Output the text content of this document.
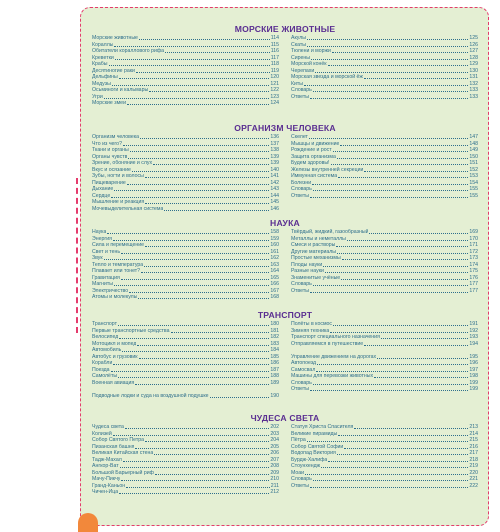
МОРСКИЕ ЖИВОТНЫЕ
Морские животные	114
Кораллы	115
Обитатели кораллового рифа	116
Креветки	117
Крабы	118
Десятиногие раки	119
Дельфины	120
Медузы	121
Осьминоги и кальмары	122
Угри	123
Морские змеи	124
Акулы	125
Скаты	126
Тюлени и моржи	127
Сирены	128
Морской конёк	129
Черепахи	130
Морская звезда и морской ёж	131
Киты	132
Словарь	133
Ответы	133
ОРГАНИЗМ ЧЕЛОВЕКА
Организм человека	136
Что из чего?	137
Ткани и органы	138
Органы чувств	139
Зрение, обоняние и слух	139
Вкус и осязание	140
Зубы, ногти и волосы	141
Пищеварение	142
Дыхание	143
Сердце	144
Мышление и реакция	145
Мочевыделительная система	146
Скелет	147
Мышцы и движение	148
Рождение и рост	149
Защита организма	150
Будем здоровы!	151
Железы внутренней секреции	152
Иммунная система	153
Болезни	154
Словарь	155
Ответы	155
НАУКА
Наука	158
Энергия	159
Сила и перемещение	160
Свет и тень	161
Звук	162
Тепло и температура	163
Плавает или тонет?	164
Гравитация	165
Магниты	166
Электричество	167
Атомы и молекулы	168
Твёрдый, жидкий, газообразный	169
Металлы и неметаллы	170
Смеси и растворы	171
Другие материалы	172
Простые механизмы	173
Плоды науки	174
Разные науки	175
Знаменитые учёные	176
Словарь	177
Ответы	177
ТРАНСПОРТ
Транспорт	180
Первые транспортные средства	181
Велосипед	182
Мотоцикл и мопед	183
Автомобиль	184
Автобус и грузовик	185
Корабли	186
Поезда	187
Самолёты	188
Военная авиация	189
Подводные лодки и суда на воздушной подушке	190
Полёты в космос	191
Зимняя техника	192
Транспорт специального назначения	193
Отправляемся в путешествие	194
Управление движением на дорогах	195
Автопоезд	196
Самосвал	197
Машины для перевозки животных	198
Словарь	199
Ответы	199
ЧУДЕСА СВЕТА
Чудеса света	202
Колизей	203
Собор Святого Петра	204
Пизанская башня	205
Великая Китайская стена	206
Тадж-Махал	207
Ангкор-Ват	208
Большой Барьерный риф	209
Мачу-Пикчу	210
Гранд-Каньон	211
Чичен-Ица	212
Статуя Христа Спасителя	213
Великие пирамиды	214
Пётра	215
Собор Святой Софии	216
Водопад Виктория	217
Бурдж-Халифа	218
Стоунхендж	219
Моаи	220
Словарь	221
Ответы	222
